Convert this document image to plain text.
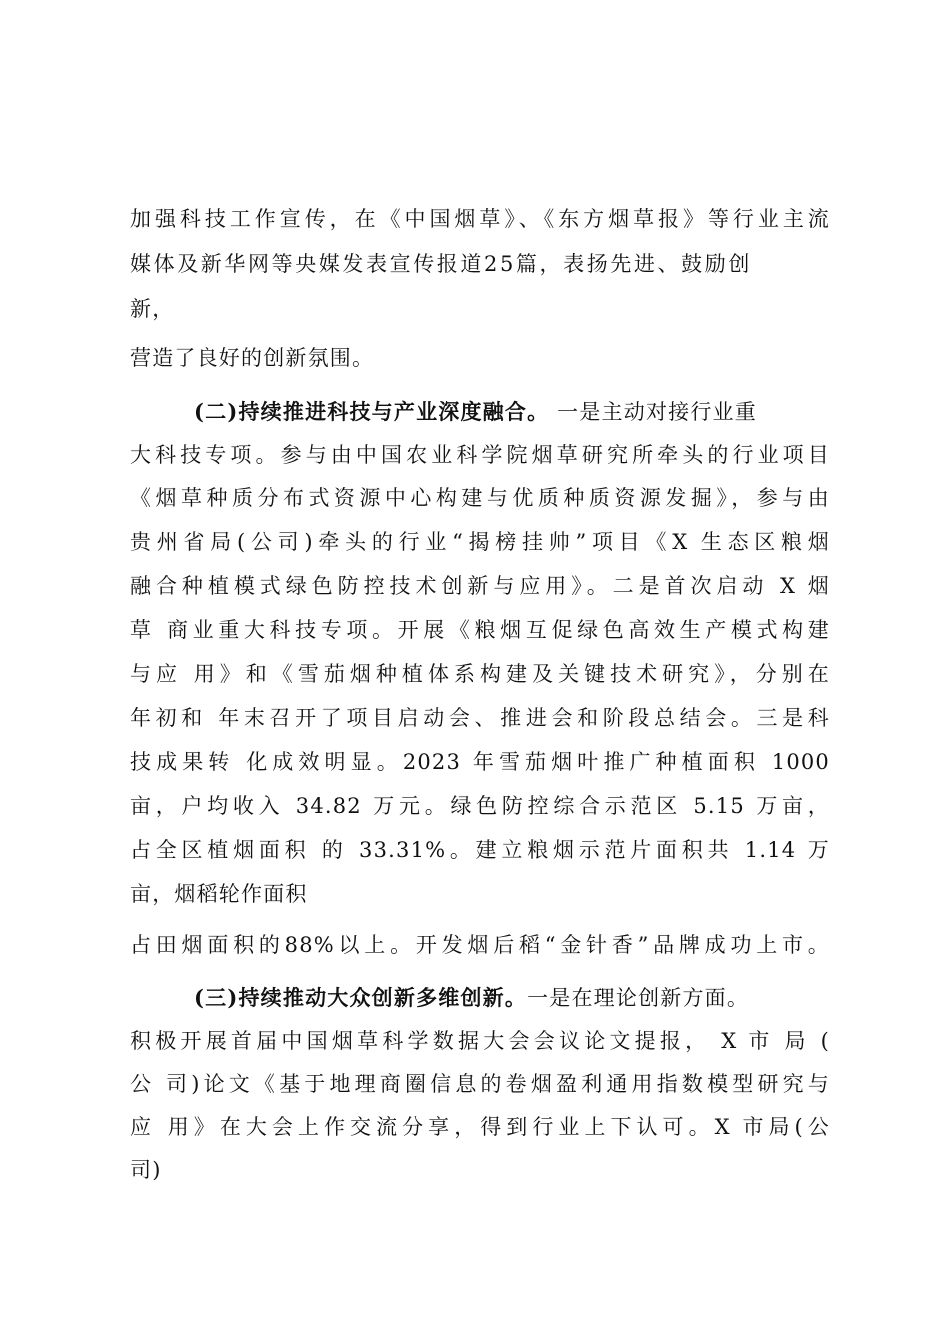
加强科技工作宣传，在《中国烟草》、《东方烟草报》等行业主流
媒体及新华网等央媒发表宣传报道25篇，表扬先进、鼓励创
新，
营造了良好的创新氛围。
(二)持续推进科技与产业深度融合。 一是主动对接行业重
大科技专项。参与由中国农业科学院烟草研究所牵头的行业项目
《烟草种质分布式资源中心构建与优质种质资源发掘》，参与由
贵州省局(公司)牵头的行业“揭榜挂帅”项目《X 生态区粮烟
融合种植模式绿色防控技术创新与应用》。二是首次启动 X 烟
草 商业重大科技专项。开展《粮烟互促绿色高效生产模式构建
与应 用》和《雪茄烟种植体系构建及关键技术研究》，分别在
年初和 年末召开了项目启动会、推进会和阶段总结会。三是科
技成果转 化成效明显。2023 年雪茄烟叶推广种植面积 1000
亩，户均收入 34.82 万元。绿色防控综合示范区 5.15 万亩，
占全区植烟面积 的 33.31%。建立粮烟示范片面积共 1.14 万
亩，烟稻轮作面积
占田烟面积的88%以上。开发烟后稻“金针香”品牌成功上市。
(三)持续推动大众创新多维创新。一是在理论创新方面。
积极开展首届中国烟草科学数据大会会议论文提报， X 市 局 (
公 司)论文《基于地理商圈信息的卷烟盈利通用指数模型研究与
应 用》在大会上作交流分享，得到行业上下认可。X 市局(公
司)
